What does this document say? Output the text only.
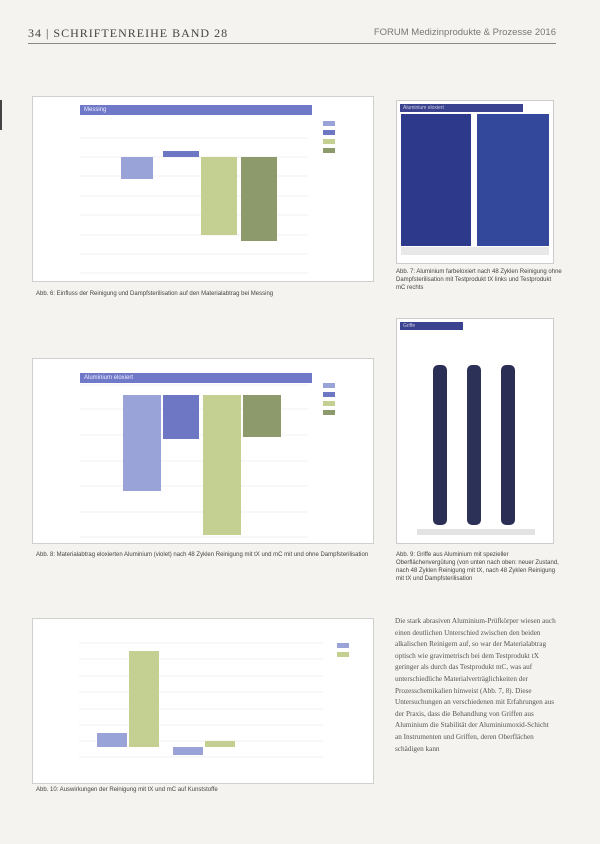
34 | SCHRIFTENREIHE BAND 28	FORUM Medizinprodukte & Prozesse 2016
Messing
Abb. 6: Einfluss der Reinigung und Dampfsterilisation auf den Materialabtrag bei Messing
Aluminium eloxiert
Abb. 7: Aluminium farbeloxiert nach 48 Zyklen Reinigung ohne Dampfsterilisation mit Testprodukt tX links und Testprodukt mC rechts
Aluminium eloxiert
Abb. 8: Materialabtrag eloxierten Aluminium (violet) nach 48 Zyklen Reinigung mit tX und mC mit und ohne Dampfsterilisation
Griffe
Abb. 9: Griffe aus Aluminium mit spezieller Oberflächenvergütung (von unten nach oben: neuer Zustand, nach 48 Zyklen Reinigung mit tX, nach 48 Zyklen Reinigung mit tX und Dampfsterilisation
Abb. 10: Auswirkungen der Reinigung mit tX und mC auf Kunststoffe

Die stark abrasiven Aluminium-Prüfkörper wiesen auch einen deutlichen Unterschied zwischen den beiden alkalischen Reinigern auf, so war der Materialabtrag optisch wie gravimetrisch bei dem Testprodukt tX geringer als durch das Testprodukt mC, was auf unterschiedliche Materialverträglichkeiten der Prozesschemikalien hinweist (Abb. 7, 8). Diese Untersuchungen an verschiedenen mit Erfahrungen aus der Praxis, dass die Behandlung von Griffen aus Aluminium die Stabilität der Aluminiumoxid-Schicht an Instrumenten und Griffen, deren Oberflächen schädigen kann
